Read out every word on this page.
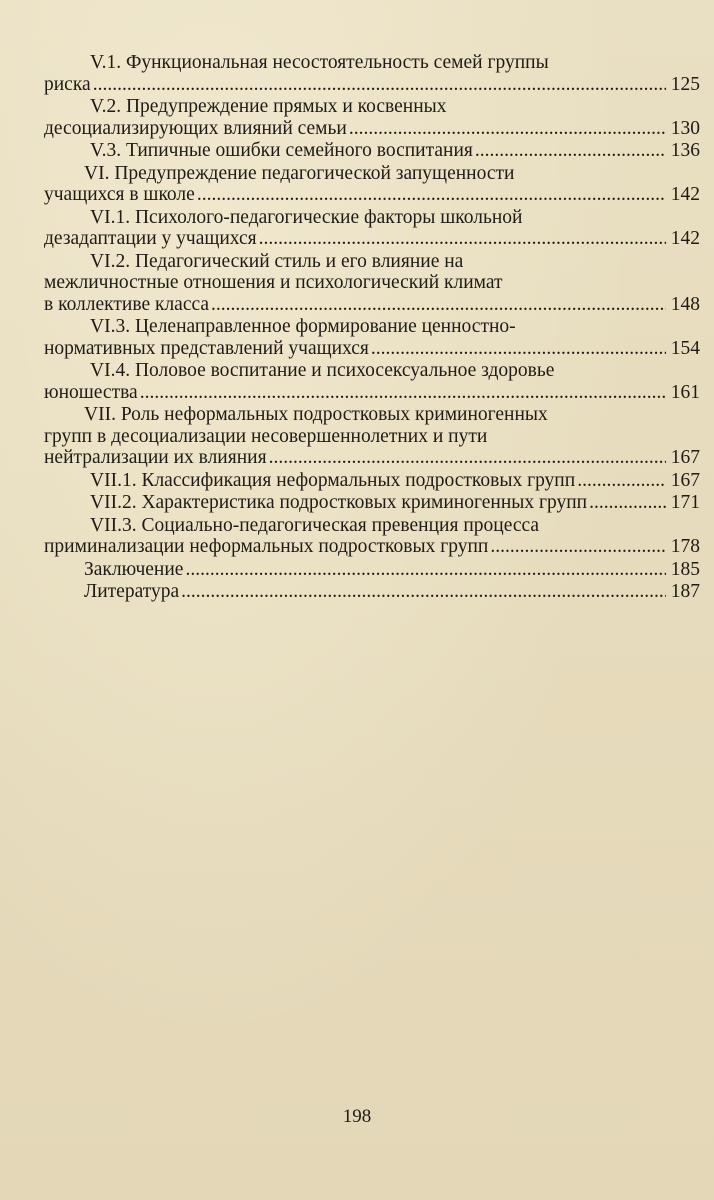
V.1. Функциональная несостоятельность семей группы
риска .....	125
V.2. Предупреждение прямых и косвенных
десоциализирующих влияний семьи .....	130
V.3. Типичные ошибки семейного воспитания .....	136
VI. Предупреждение педагогической запущенности
учащихся в школе .....	142
VI.1. Психолого-педагогические факторы школьной
дезадаптации у учащихся .....	142
VI.2. Педагогический стиль и его влияние на
межличностные отношения и психологический климат
в коллективе класса .....	148
VI.3. Целенаправленное формирование ценностно-
нормативных представлений учащихся .....	154
VI.4. Половое воспитание и психосексуальное здоровье
юношества .....	161
VII. Роль неформальных подростковых криминогенных
групп в десоциализации несовершеннолетних и пути
нейтрализации их влияния .....	167
VII.1. Классификация неформальных подростковых групп .....	167
VII.2. Характеристика подростковых криминогенных групп .....	171
VII.3. Социально-педагогическая превенция процесса
приминализации неформальных подростковых групп .....	178
Заключение .....	185
Литература .....	187
198
